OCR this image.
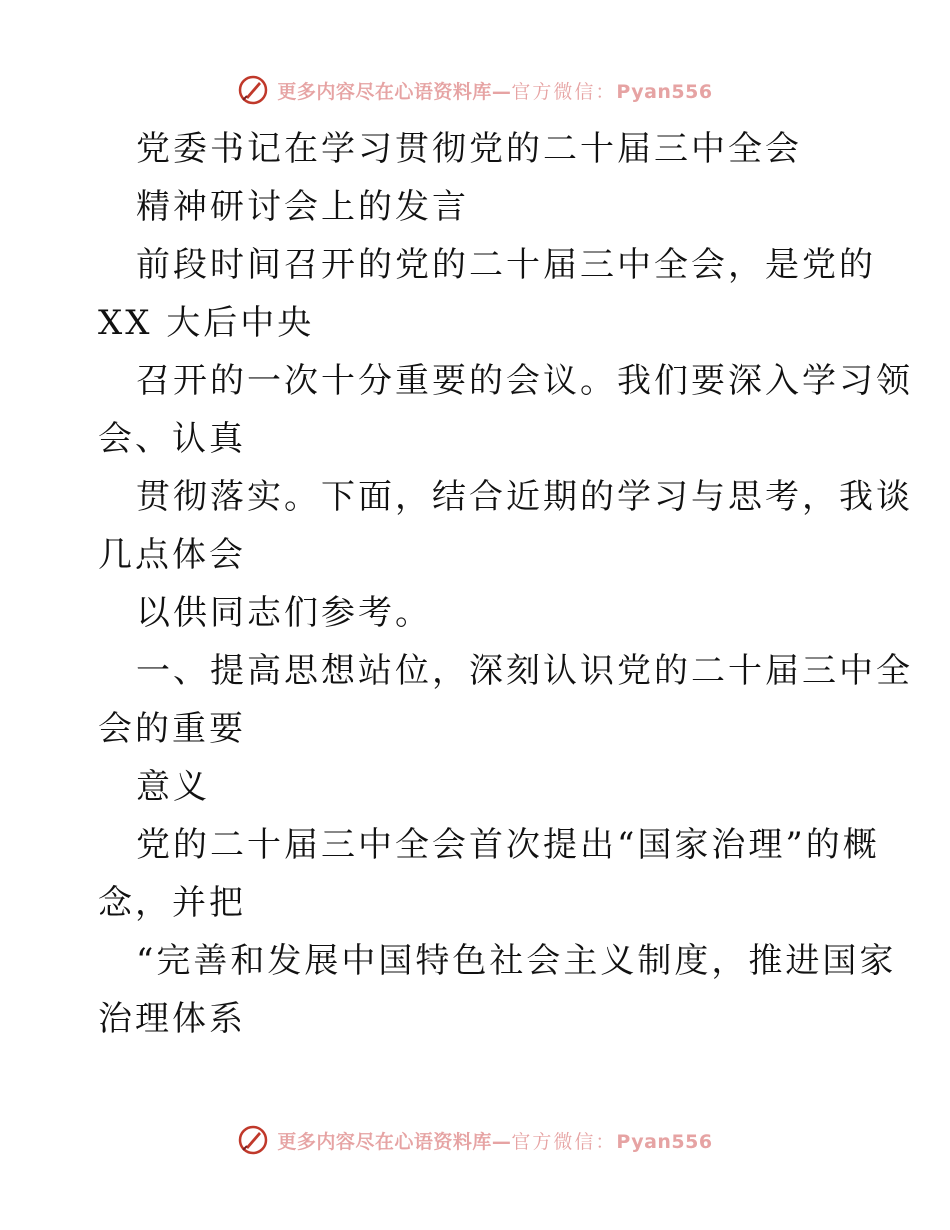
更多内容尽在心语资料库—官方微信：Pyan556
党委书记在学习贯彻党的二十届三中全会
精神研讨会上的发言
前段时间召开的党的二十届三中全会，是党的
XX 大后中央
召开的一次十分重要的会议。我们要深入学习领
会、认真
贯彻落实。下面，结合近期的学习与思考，我谈
几点体会
以供同志们参考。
一、提高思想站位，深刻认识党的二十届三中全
会的重要
意义
党的二十届三中全会首次提出“国家治理”的概
念，并把
“完善和发展中国特色社会主义制度，推进国家
治理体系
更多内容尽在心语资料库—官方微信：Pyan556
